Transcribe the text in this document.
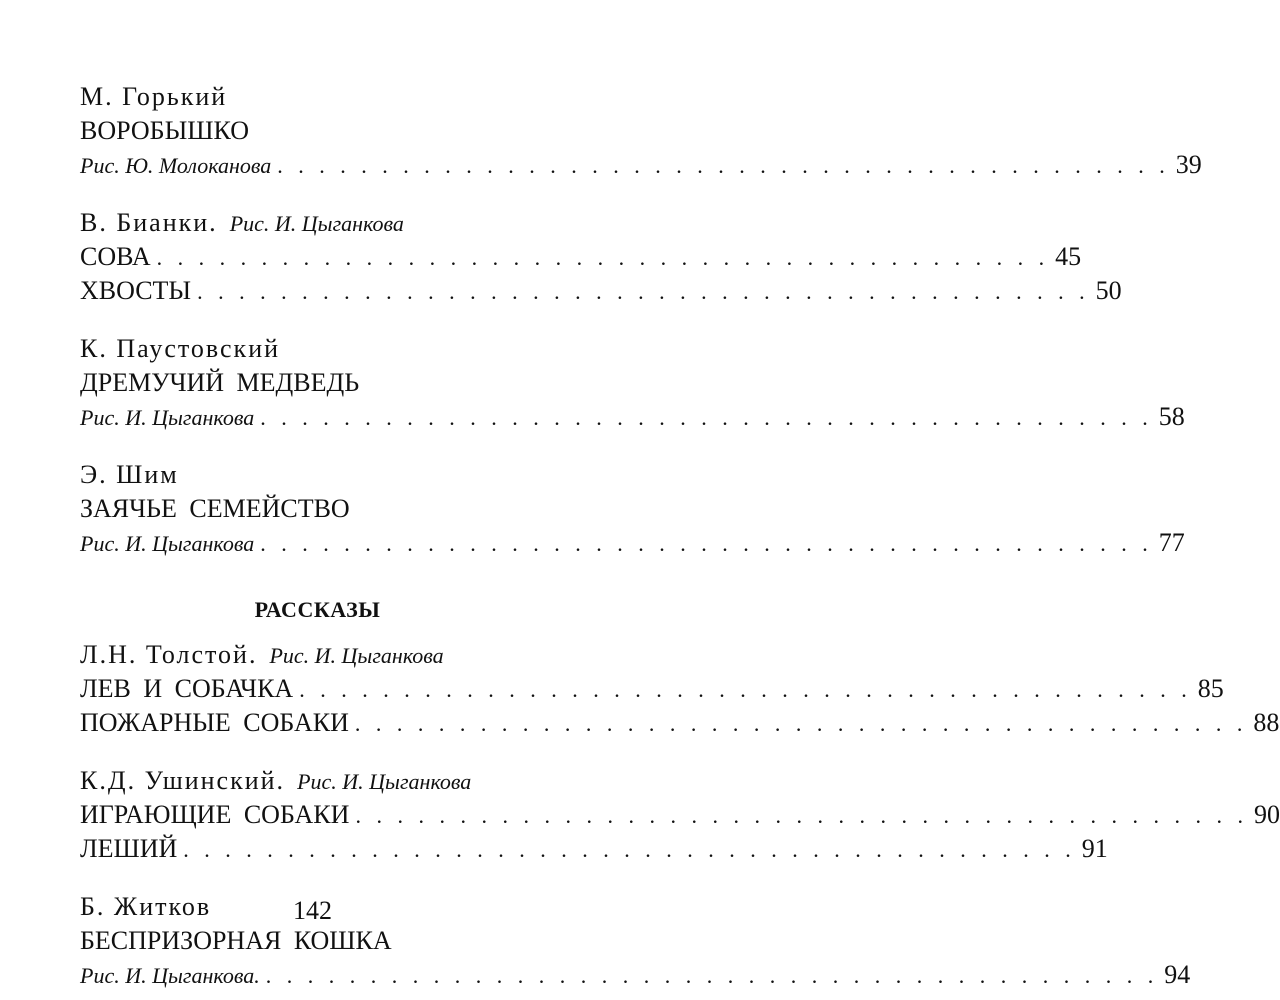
М. Горький
ВОРОБЫШКО
Рис. Ю. Молоканова . . . . . . . . . . . . . . . . . . . . . . . . . . . . . . . . . . . . . . . . . . . 39
В. Бианки. Рис. И. Цыганкова
СОВА . . . . . . . . . . . . . . . . . . . . . . . . . . . . . . . . . . . . . . . . . . . 45
ХВОСТЫ . . . . . . . . . . . . . . . . . . . . . . . . . . . . . . . . . . . . . . . . . . . 50
К. Паустовский
ДРЕМУЧИЙ МЕДВЕДЬ
Рис. И. Цыганкова . . . . . . . . . . . . . . . . . . . . . . . . . . . . . . . . . . . . . . . . . . . 58
Э. Шим
ЗАЯЧЬЕ СЕМЕЙСТВО
Рис. И. Цыганкова . . . . . . . . . . . . . . . . . . . . . . . . . . . . . . . . . . . . . . . . . . . 77
РАССКАЗЫ
Л.Н. Толстой. Рис. И. Цыганкова
ЛЕВ И СОБАЧКА . . . . . . . . . . . . . . . . . . . . . . . . . . . . . . . . . . . . . . . . . . . 85
ПОЖАРНЫЕ СОБАКИ . . . . . . . . . . . . . . . . . . . . . . . . . . . . . . . . . . . . . . . . . . . 88
К.Д. Ушинский. Рис. И. Цыганкова
ИГРАЮЩИЕ СОБАКИ . . . . . . . . . . . . . . . . . . . . . . . . . . . . . . . . . . . . . . . . . . . 90
ЛЕШИЙ . . . . . . . . . . . . . . . . . . . . . . . . . . . . . . . . . . . . . . . . . . . 91
Б. Житков
БЕСПРИЗОРНАЯ КОШКА
Рис. И. Цыганкова. . . . . . . . . . . . . . . . . . . . . . . . . . . . . . . . . . . . . . . . . . . . 94
142
